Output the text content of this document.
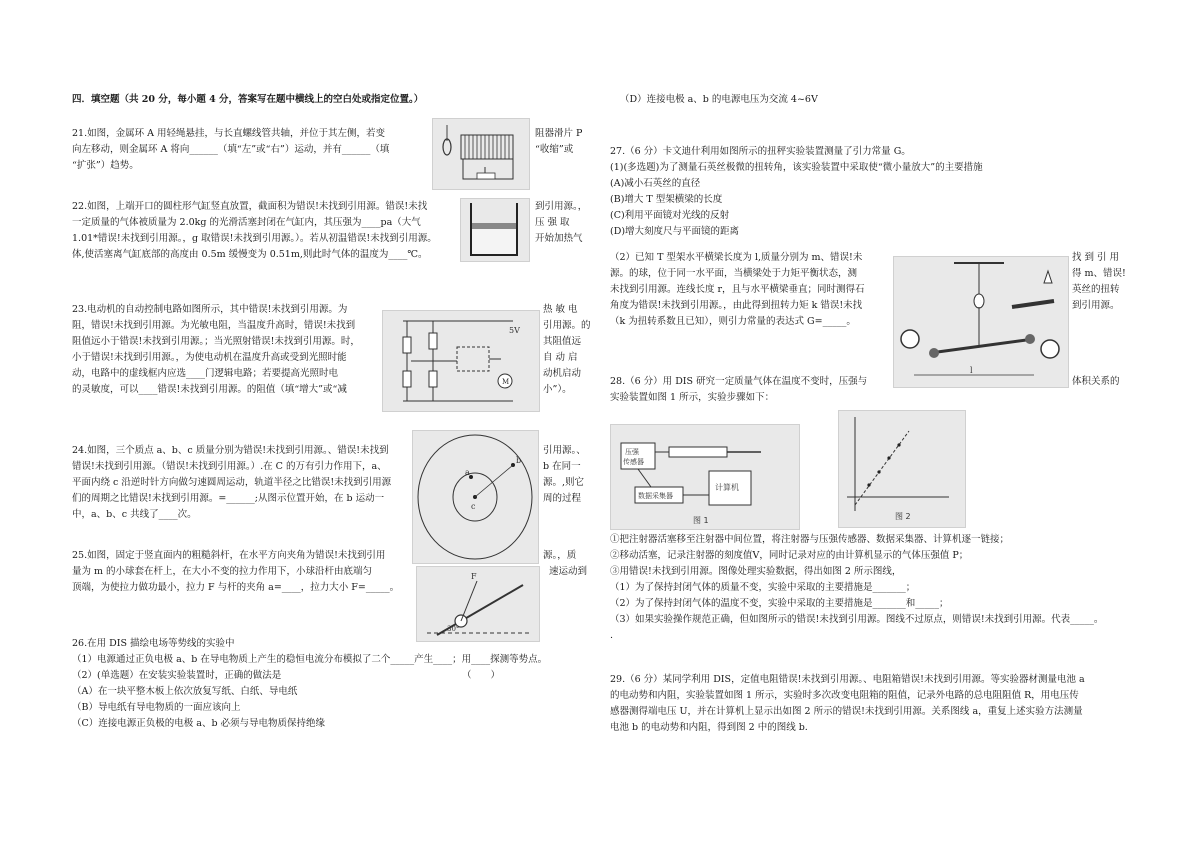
四．填空题（共 20 分，每小题 4 分，答案写在题中横线上的空白处或指定位置。）
21.如图，金属环 A 用轻绳悬挂，与长直螺线管共轴，并位于其左侧，若变
向左移动，则金属环 A 将向______（填“左”或“右”）运动，并有______（填
“扩张”）趋势。
阻器滑片 P
“收缩”或
22.如图，上端开口的圆柱形气缸竖直放置，截面积为错误!未找到引用源。错误!未找
一定质量的气体被质量为 2.0kg 的光滑活塞封闭在气缸内，其压强为____pa（大气
1.01*错误!未找到引用源。，g 取错误!未找到引用源。）。若从初温错误!未找到引用源。
体,使活塞离气缸底部的高度由 0.5m 缓慢变为 0.51m,则此时气体的温度为____℃。
到引用源。，
压 强 取
开始加热气
23.电动机的自动控制电路如图所示，其中错误!未找到引用源。为
阻，错误!未找到引用源。为光敏电阻，当温度升高时，错误!未找到
阻值远小于错误!未找到引用源。；当光照射错误!未找到引用源。时，
小于错误!未找到引用源。，为使电动机在温度升高或受到光照时能
动，电路中的虚线框内应选____门逻辑电路；若要提高光照时电
的灵敏度，可以____错误!未找到引用源。的阻值（填“增大”或“减
热 敏 电
引用源。的
其阻值远
自 动 启
动机启动
小”）。
M
5V
24.如图，三个质点 a、b、c 质量分别为错误!未找到引用源。、错误!未找到
错误!未找到引用源。（错误!未找到引用源。）.在 C 的万有引力作用下，a、
平面内绕 c 沿逆时针方向做匀速圆周运动，轨道半径之比错误!未找到引用源
们的周期之比错误!未找到引用源。=______;从图示位置开始，在 b 运动一
中，a、b、c 共线了____次。
引用源。、
b 在同一
源。,则它
周的过程
a
b
c
25.如图，固定于竖直面内的粗糙斜杆，在水平方向夹角为错误!未找到引用
量为 m 的小球套在杆上，在大小不变的拉力作用下，小球沿杆由底端匀
顶端，为使拉力做功最小，拉力 F 与杆的夹角 a=____，拉力大小 F=_____。
源。，质
速运动到
F
30°
26.在用 DIS 描绘电场等势线的实验中
（1）电源通过正负电极 a、b 在导电物质上产生的稳恒电流分布模拟了二个_____产生____；用____探测等势点。
（2）(单选题）在安装实验装置时，正确的做法是
（A）在一块平整木板上依次放复写纸、白纸、导电纸
（B）导电纸有导电物质的一面应该向上
（C）连接电源正负极的电极 a、b 必须与导电物质保持绝缘
（　　）
（D）连接电极 a、b 的电源电压为交流 4~6V
27.（6 分）卡文迪什利用如图所示的扭秤实验装置测量了引力常量 G。
(1)(多选题)为了测量石英丝极微的扭转角，该实验装置中采取使“微小量放大”的主要措施
(A)减小石英丝的直径
(B)增大 T 型架横梁的长度
(C)利用平面镜对光线的反射
(D)增大刻度尺与平面镜的距离
（2）已知 T 型架水平横梁长度为 l,质量分别为 m、错误!未
源。的球，位于同一水平面，当横梁处于力矩平衡状态，测
未找到引用源。连线长度 r，且与水平横梁垂直；同时测得石
角度为错误!未找到引用源。，由此得到扭转力矩 k 错误!未找
（k 为扭转系数且已知），则引力常量的表达式 G=_____。
找 到 引 用
得 m、错误!
英丝的扭转
到引用源。
l
28.（6 分）用 DIS 研究一定质量气体在温度不变时，压强与
实验装置如图 1 所示，实验步骤如下：
体积关系的
压强
传感器
数据采集器
计算机
图 1	图 2
①把注射器活塞移至注射器中间位置，将注射器与压强传感器、数据采集器、计算机逐一链接；
②移动活塞，记录注射器的刻度值V，同时记录对应的由计算机显示的气体压强值 P；
③用错误!未找到引用源。图像处理实验数据，得出如图 2 所示图线，
（1）为了保持封闭气体的质量不变，实验中采取的主要措施是_______；
（2）为了保持封闭气体的温度不变，实验中采取的主要措施是_______和_____；
（3）如果实验操作规范正确，但如图所示的错误!未找到引用源。图线不过原点，则错误!未找到引用源。代表_____。
.
29.（6 分）某同学利用 DIS，定值电阻错误!未找到引用源。、电阻箱错误!未找到引用源。等实验器材测量电池 a
的电动势和内阻，实验装置如图 1 所示，实验时多次改变电阻箱的阻值，记录外电路的总电阻阻值 R，用电压传
感器测得端电压 U，并在计算机上显示出如图 2 所示的错误!未找到引用源。关系图线 a，重复上述实验方法测量
电池 b 的电动势和内阻，得到图 2 中的图线 b.
